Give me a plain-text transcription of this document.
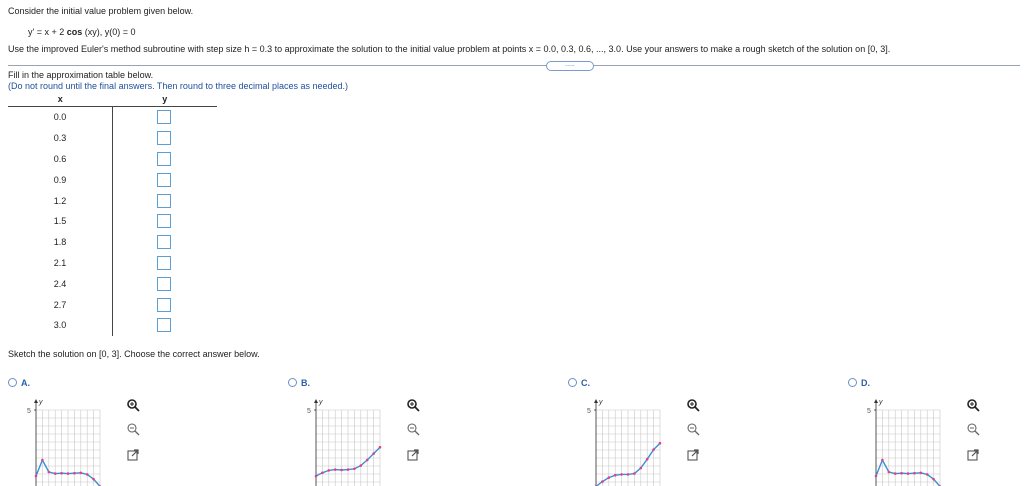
Consider the initial value problem given below.
y' = x + 2 cos (xy), y(0) = 0
Use the improved Euler's method subroutine with step size h = 0.3 to approximate the solution to the initial value problem at points x = 0.0, 0.3, 0.6, ..., 3.0. Use your answers to make a rough sketch of the solution on [0, 3].
.....
Fill in the approximation table below.
(Do not round until the final answers. Then round to three decimal places as needed.)
x	y
0.0	

0.3	

0.6	

0.9	

1.2	

1.5	

1.8	

2.1	

2.4	

2.7	

3.0	
Sketch the solution on [0, 3]. Choose the correct answer below.
A.
y
5
B.
y
5
C.
y
5
D.
y
5
